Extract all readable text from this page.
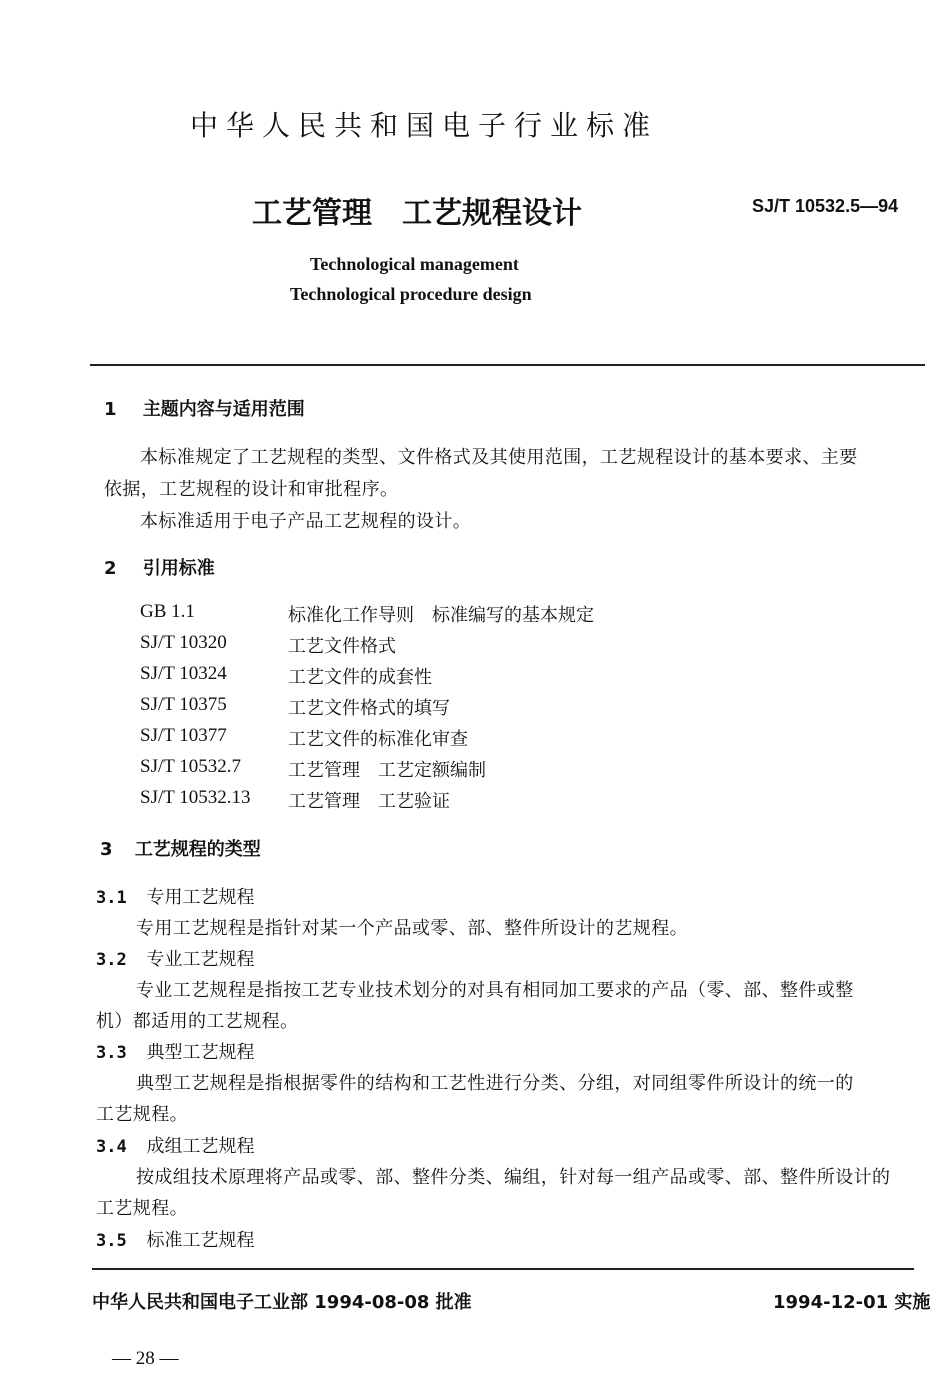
中华人民共和国电子行业标准
工艺管理　工艺规程设计	SJ/T 10532.5—94
Technological management
Technological procedure design
1 主题内容与适用范围
本标准规定了工艺规程的类型、文件格式及其使用范围，工艺规程设计的基本要求、主要
依据，工艺规程的设计和审批程序。
本标准适用于电子产品工艺规程的设计。
2 引用标准
GB 1.1	标准化工作导则　标准编写的基本规定
SJ/T 10320	工艺文件格式
SJ/T 10324	工艺文件的成套性
SJ/T 10375	工艺文件格式的填写
SJ/T 10377	工艺文件的标准化审查
SJ/T 10532.7	工艺管理　工艺定额编制
SJ/T 10532.13 工艺管理　工艺验证
3 工艺规程的类型
3.1 专用工艺规程
专用工艺规程是指针对某一个产品或零、部、整件所设计的艺规程。
3.2 专业工艺规程
专业工艺规程是指按工艺专业技术划分的对具有相同加工要求的产品（零、部、整件或整
机）都适用的工艺规程。
3.3 典型工艺规程
典型工艺规程是指根据零件的结构和工艺性进行分类、分组，对同组零件所设计的统一的
工艺规程。
3.4 成组工艺规程
按成组技术原理将产品或零、部、整件分类、编组，针对每一组产品或零、部、整件所设计的
工艺规程。
3.5 标准工艺规程
中华人民共和国电子工业部 1994-08-08 批准	1994-12-01 实施
— 28 —
